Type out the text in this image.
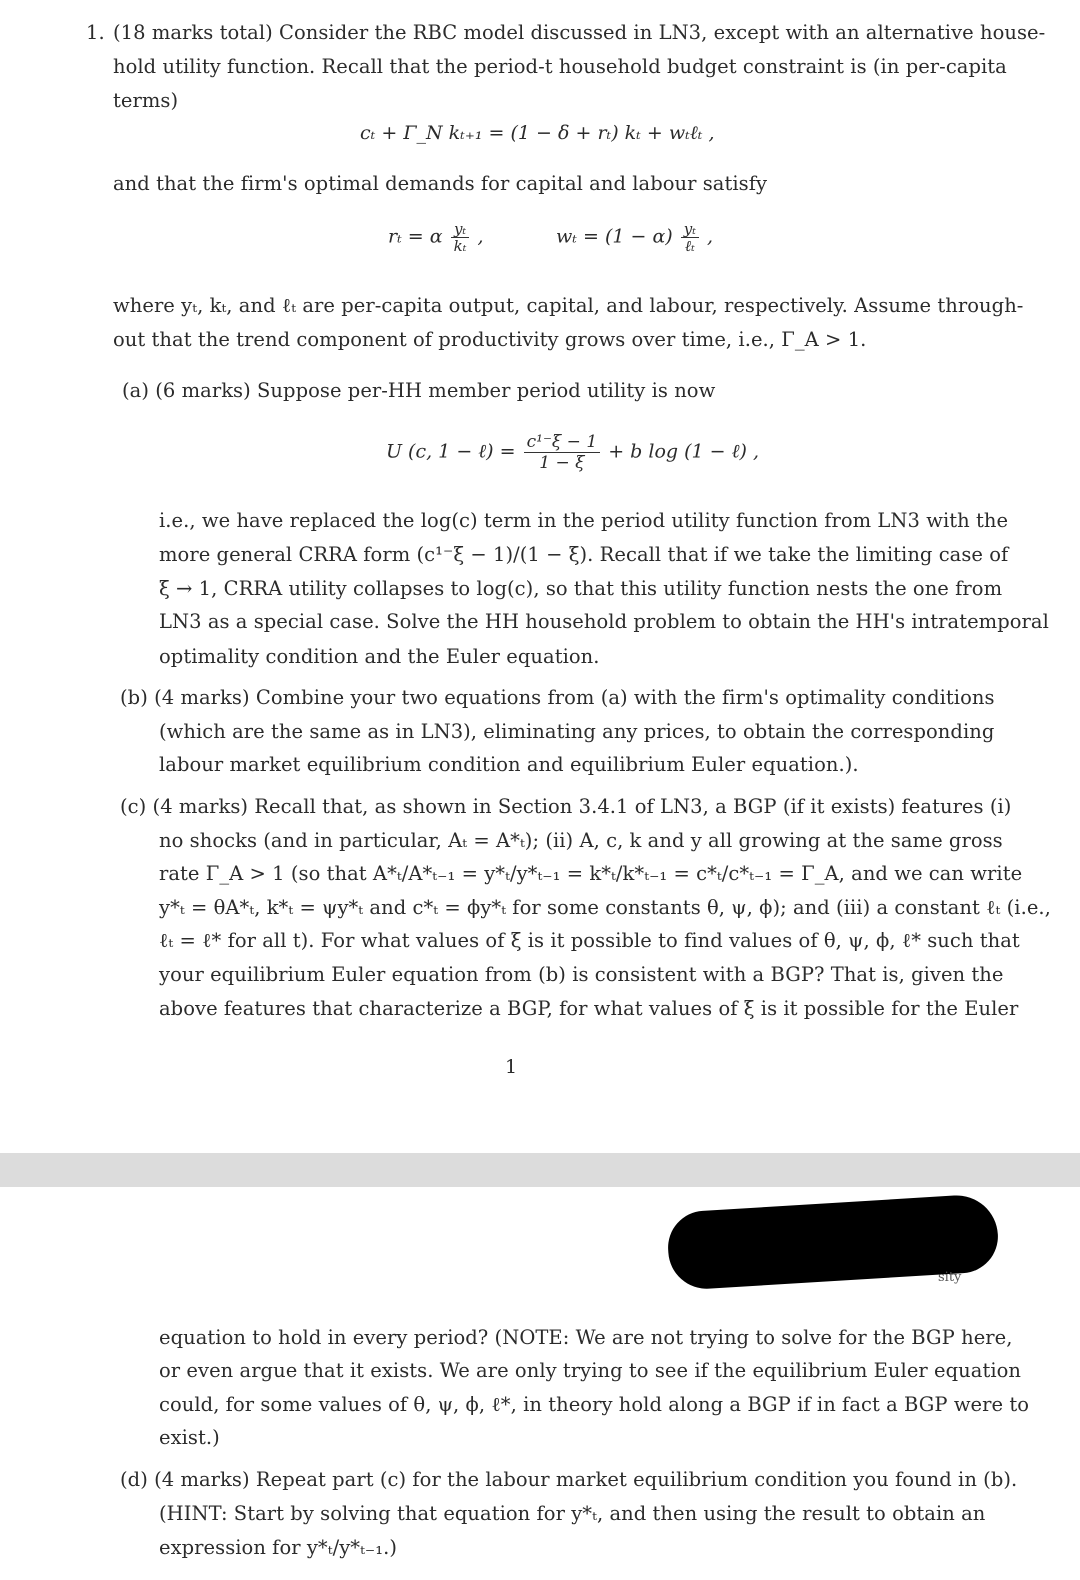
1. (18 marks total) Consider the RBC model discussed in LN3, except with an alternative house-
hold utility function. Recall that the period-t household budget constraint is (in per-capita
terms)
cₜ + Γ_N kₜ₊₁ = (1 − δ + rₜ) kₜ + wₜℓₜ ,
and that the firm's optimal demands for capital and labour satisfy
rₜ = α $\frac{\text{yₜ}}{\text{kₜ}}$ ,	$w_t = (1 - \alpha) \frac{\text{yₜ}}{\text{ℓₜ}}$ ,
where yₜ, kₜ, and ℓₜ are per-capita output, capital, and labour, respectively. Assume through-
out that the trend component of productivity grows over time, i.e., Γ_A > 1.
(a) (6 marks) Suppose per-HH member period utility is now
U (c, 1 − ℓ) = $\frac{\text{c¹⁻ξ − 1}}{1 - \xi} + b$ log (1 − ℓ) ,
i.e., we have replaced the log(c) term in the period utility function from LN3 with the
more general CRRA form (c¹⁻ξ − 1)/(1 − ξ). Recall that if we take the limiting case of
ξ → 1, CRRA utility collapses to log(c), so that this utility function nests the one from
LN3 as a special case. Solve the HH household problem to obtain the HH's intratemporal
optimality condition and the Euler equation.
(b) (4 marks) Combine your two equations from (a) with the firm's optimality conditions
(which are the same as in LN3), eliminating any prices, to obtain the corresponding
labour market equilibrium condition and equilibrium Euler equation.).
(c) (4 marks) Recall that, as shown in Section 3.4.1 of LN3, a BGP (if it exists) features (i)
no shocks (and in particular, Aₜ = A*ₜ); (ii) A, c, k and y all growing at the same gross
rate Γ_A > 1 (so that A*ₜ/A*ₜ₋₁ = y*ₜ/y*ₜ₋₁ = k*ₜ/k*ₜ₋₁ = c*ₜ/c*ₜ₋₁ = Γ_A, and we can write
y*ₜ = θA*ₜ, k*ₜ = ψy*ₜ and c*ₜ = ϕy*ₜ for some constants θ, ψ, ϕ); and (iii) a constant ℓₜ (i.e.,
ℓₜ = ℓ* for all t). For what values of ξ is it possible to find values of θ, ψ, ϕ, ℓ* such that
your equilibrium Euler equation from (b) is consistent with a BGP? That is, given the
above features that characterize a BGP, for what values of ξ is it possible for the Euler
1
sity
equation to hold in every period? (NOTE: We are not trying to solve for the BGP here,
or even argue that it exists. We are only trying to see if the equilibrium Euler equation
could, for some values of θ, ψ, ϕ, ℓ*, in theory hold along a BGP if in fact a BGP were to
exist.)
(d) (4 marks) Repeat part (c) for the labour market equilibrium condition you found in (b).
(HINT: Start by solving that equation for y*ₜ, and then using the result to obtain an
expression for y*ₜ/y*ₜ₋₁.)
